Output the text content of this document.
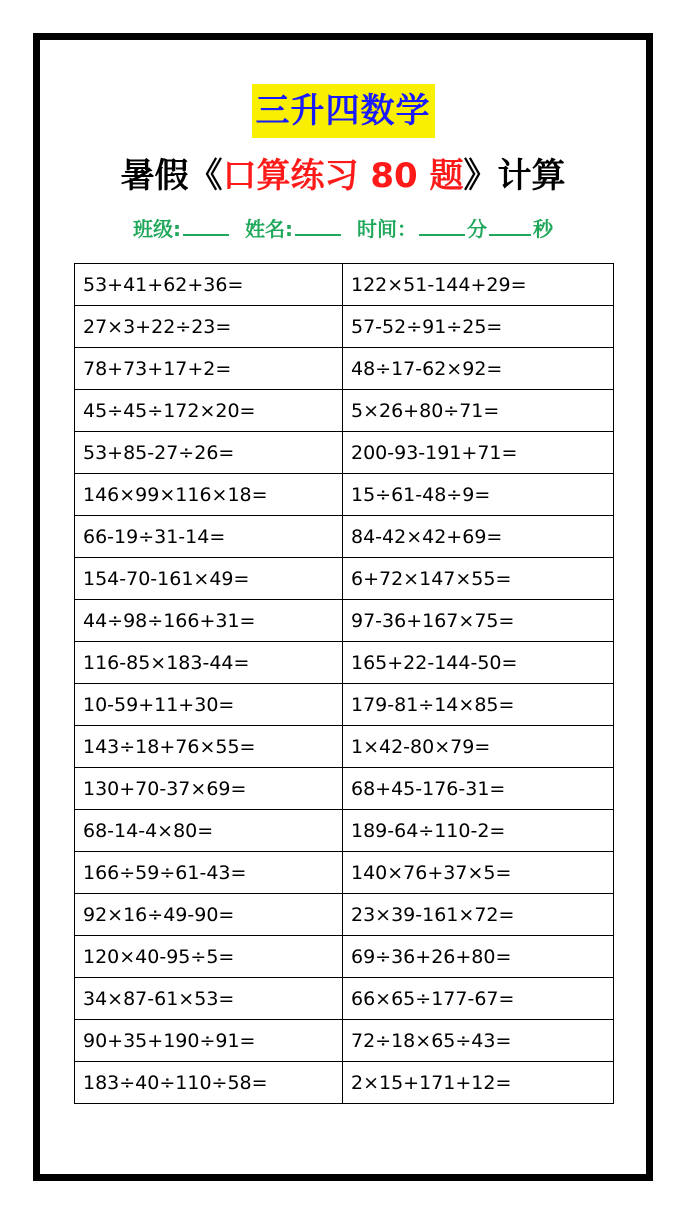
三升四数学
暑假《口算练习 80 题》计算
班级:	姓名:	时间：	分 秒
53+41+62+36=	122×51-144+29=
27×3+22÷23=	57-52÷91÷25=
78+73+17+2=	48÷17-62×92=
45÷45÷172×20=	5×26+80÷71=
53+85-27÷26=	200-93-191+71=
146×99×116×18=	15÷61-48÷9=
66-19÷31-14=	84-42×42+69=
154-70-161×49=	6+72×147×55=
44÷98÷166+31=	97-36+167×75=
116-85×183-44=	165+22-144-50=
10-59+11+30=	179-81÷14×85=
143÷18+76×55=	1×42-80×79=
130+70-37×69=	68+45-176-31=
68-14-4×80=	189-64÷110-2=
166÷59÷61-43=	140×76+37×5=
92×16÷49-90=	23×39-161×72=
120×40-95÷5=	69÷36+26+80=
34×87-61×53=	66×65÷177-67=
90+35+190÷91=	72÷18×65÷43=
183÷40÷110÷58=	2×15+171+12=
